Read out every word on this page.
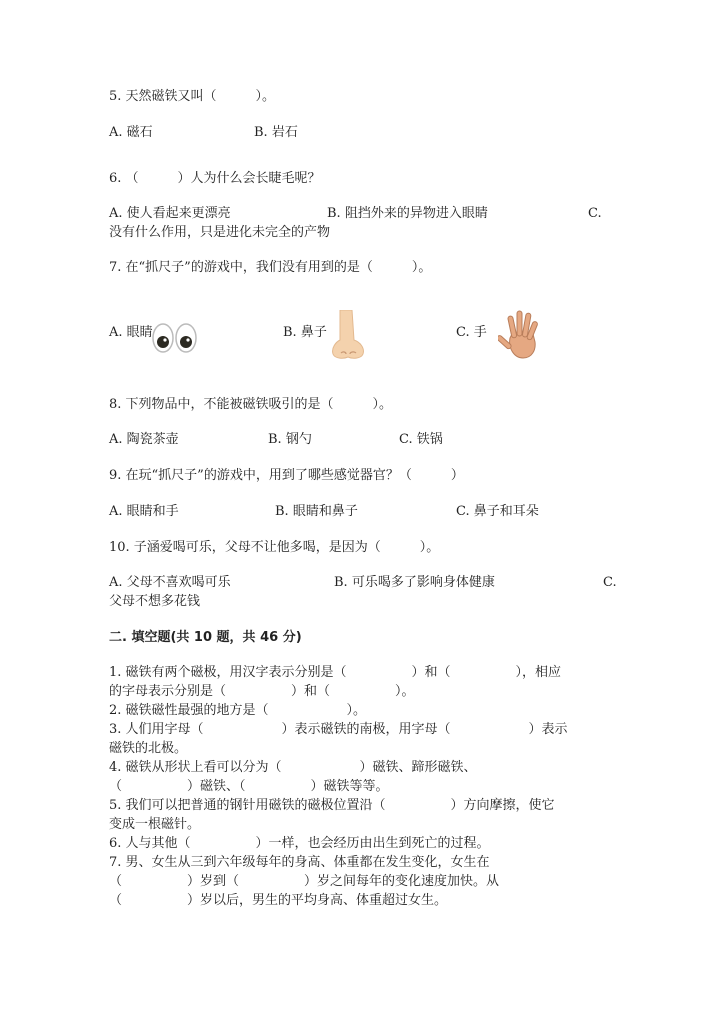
5. 天然磁铁又叫（　　　）。
A. 磁石	B. 岩石
6. （　　　）人为什么会长睫毛呢？
A. 使人看起来更漂亮	B. 阻挡外来的异物进入眼睛	C.
没有什么作用，只是进化未完全的产物
7. 在“抓尺子”的游戏中，我们没有用到的是（　　　）。
A. 眼睛	B. 鼻子	C. 手
8. 下列物品中，不能被磁铁吸引的是（　　　）。
A. 陶瓷茶壶	B. 钢勺	C. 铁锅
9. 在玩“抓尺子”的游戏中，用到了哪些感觉器官？（　　　）
A. 眼睛和手	B. 眼睛和鼻子	C. 鼻子和耳朵
10. 子涵爱喝可乐，父母不让他多喝，是因为（　　　）。
A. 父母不喜欢喝可乐	B. 可乐喝多了影响身体健康	C.
父母不想多花钱
二. 填空题(共 10 题，共 46 分)
1. 磁铁有两个磁极，用汉字表示分别是（　　　　　）和（　　　　　），相应
的字母表示分别是（　　　　　）和（　　　　　）。
2. 磁铁磁性最强的地方是（　　　　　　）。
3. 人们用字母（　　　　　　）表示磁铁的南极，用字母（　　　　　　）表示
磁铁的北极。
4. 磁铁从形状上看可以分为（　　　　　　）磁铁、蹄形磁铁、
（　　　　　）磁铁、（　　　　　）磁铁等等。
5. 我们可以把普通的钢针用磁铁的磁极位置沿（　　　　　）方向摩擦，使它
变成一根磁针。
6. 人与其他（　　　　　）一样，也会经历由出生到死亡的过程。
7. 男、女生从三到六年级每年的身高、体重都在发生变化，女生在
（　　　　　）岁到（　　　　　）岁之间每年的变化速度加快。从
（　　　　　）岁以后，男生的平均身高、体重超过女生。
